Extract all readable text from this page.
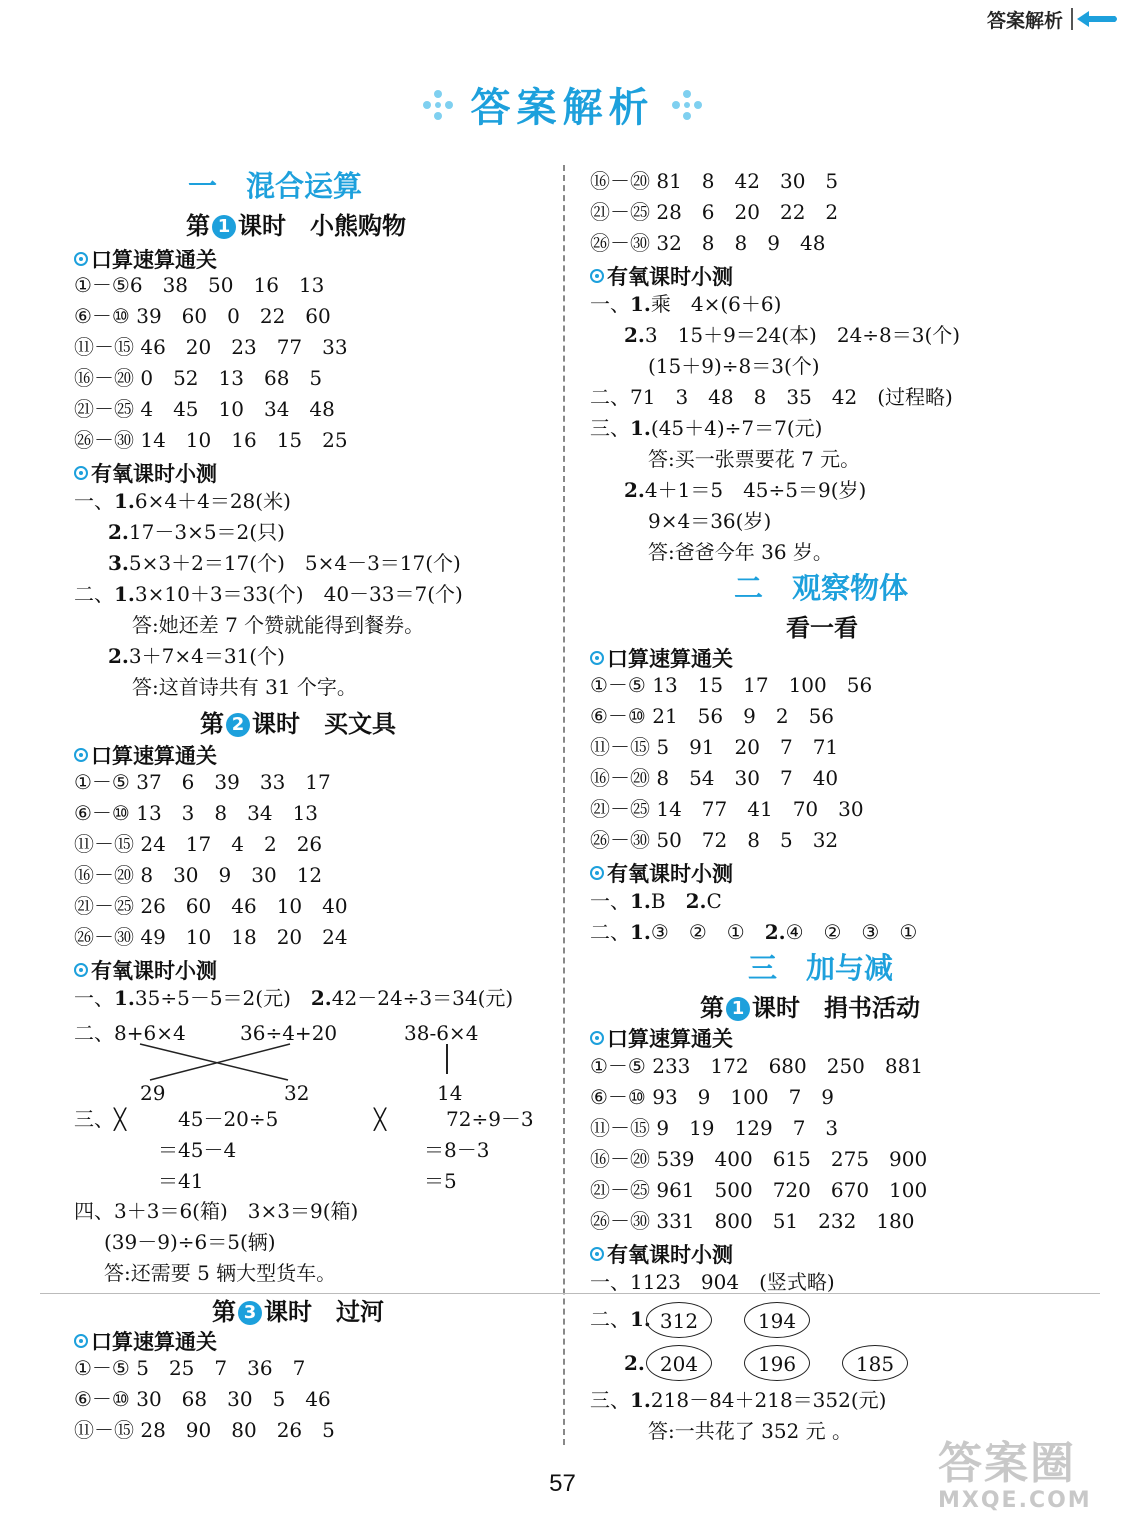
答案解析
答案解析
一　混合运算
第 1 课时　小熊购物
口算速算通关
①－⑤6　38　50　16　13
⑥－⑩ 39　60　0　22　60
⑪－⑮ 46　20　23　77　33
⑯－⑳ 0　52　13　68　5
㉑－㉕ 4　45　10　34　48
㉖－㉚ 14　10　16　15　25
有氧课时小测
一、1.6×4＋4＝28(米)
2.17－3×5＝2(只)
3.5×3＋2＝17(个)　5×4－3＝17(个)
二、1.3×10＋3＝33(个)　40－33＝7(个)
答:她还差 7 个赞就能得到餐券。
2.3＋7×4＝31(个)
答:这首诗共有 31 个字。
第 2 课时　买文具
口算速算通关
①－⑤ 37　6　39　33　17
⑥－⑩ 13　3　8　34　13
⑪－⑮ 24　17　4　2　26
⑯－⑳ 8　30　9　30　12
㉑－㉕ 26　60　46　10　40
㉖－㉚ 49　10　18　20　24
有氧课时小测
一、1.35÷5－5＝2(元)　2.42－24÷3＝34(元)
二、8+6×4	36÷4+20	38-6×4
29	32	14
三、╳	45－20÷5
＝45－4
＝41
╳	72÷9－3
＝8－3
＝5
四、3＋3＝6(箱)　3×3＝9(箱)
(39－9)÷6＝5(辆)
答:还需要 5 辆大型货车。
第 3 课时　过河
口算速算通关
①－⑤ 5　25　7　36　7
⑥－⑩ 30　68　30　5　46
⑪－⑮ 28　90　80　26　5
⑯－⑳ 81　8　42　30　5
㉑－㉕ 28　6　20　22　2
㉖－㉚ 32　8　8　9　48
有氧课时小测
一、1.乘　4×(6＋6)
2.3　15＋9＝24(本)　24÷8＝3(个)
(15＋9)÷8＝3(个)
二、71　3　48　8　35　42　(过程略)
三、1.(45＋4)÷7＝7(元)
答:买一张票要花 7 元。
2.4＋1＝5　45÷5＝9(岁)
9×4＝36(岁)
答:爸爸今年 36 岁。
二　观察物体
看一看
口算速算通关
①－⑤ 13　15　17　100　56
⑥－⑩ 21　56　9　2　56
⑪－⑮ 5　91　20　7　71
⑯－⑳ 8　54　30　7　40
㉑－㉕ 14　77　41　70　30
㉖－㉚ 50　72　8　5　32
有氧课时小测
一、1.B　2.C
二、1.③　②　①　2.④　②　③　①
三　加与减
第 1 课时　捐书活动
口算速算通关
①－⑤ 233　172　680　250　881
⑥－⑩ 93　9　100　7　9
⑪－⑮ 9　19　129　7　3
⑯－⑳ 539　400　615　275　900
㉑－㉕ 961　500　720　670　100
㉖－㉚ 331　800　51　232　180
有氧课时小测
一、1123　904　(竖式略)
二、1. 312	194
2. 204	196	185
三、1.218－84＋218＝352(元)
答:一共花了 352 元 。
57	答案圈
MXQE.COM
